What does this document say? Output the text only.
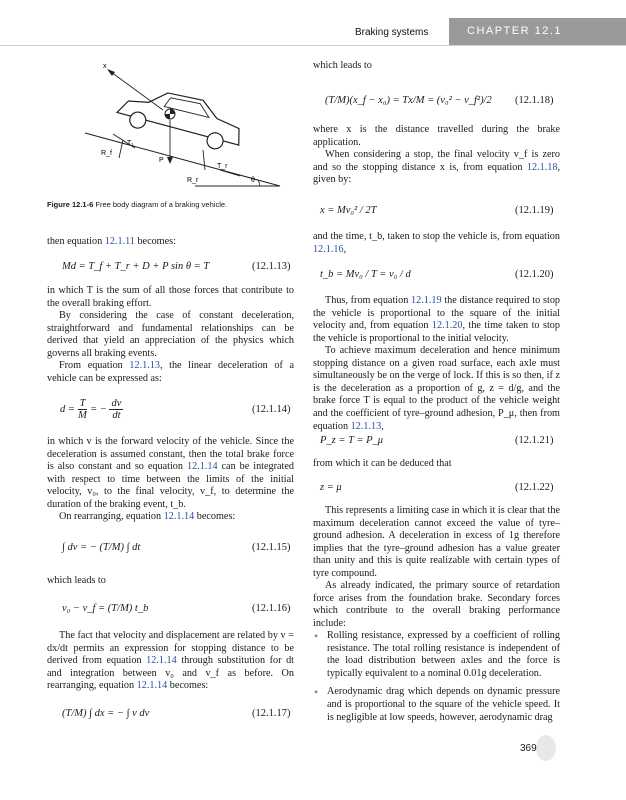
Braking systems	CHAPTER 12.1
x
T₁
R_f
P
R_r
T_r
θ
Figure 12.1-6 Free body diagram of a braking vehicle.
then equation 12.1.11 becomes:
Md = T_f + T_r + D + P sin θ = T	(12.1.13)
in which T is the sum of all those forces that contribute to the overall braking effort.
By considering the case of constant deceleration, straightforward and fundamental relationships can be derived that yield an appreciation of the physics which governs all braking events.
From equation 12.1.13, the linear deceleration of a vehicle can be expressed as:
$d = \frac{T}{M}$ = − $\frac{dv}{dt}$	(12.1.14)
in which v is the forward velocity of the vehicle. Since the deceleration is assumed constant, then the total brake force is also constant and so equation 12.1.14 can be integrated with respect to time between the limits of the initial velocity, v₀, to the final velocity, v_f, to determine the duration of the braking event, t_b.
On rearranging, equation 12.1.14 becomes:
∫ dv = − (T/M) ∫ dt	(12.1.15)
which leads to
v₀ − v_f = (T/M) t_b	(12.1.16)
The fact that velocity and displacement are related by v = dx/dt permits an expression for stopping distance to be derived from equation 12.1.14 through substitution for dt and integration between v₀ and v_f as before. On rearranging, equation 12.1.14 becomes:
(T/M) ∫ dx = − ∫ v dv	(12.1.17)
which leads to
(T/M)(x_f − x₀) = Tx/M = (v₀² − v_f²)/2 (12.1.18)
where x is the distance travelled during the brake application.
When considering a stop, the final velocity v_f is zero and so the stopping distance x is, from equation 12.1.18, given by:
x = Mv₀² / 2T	(12.1.19)
and the time, t_b, taken to stop the vehicle is, from equation 12.1.16,
t_b = Mv₀ / T = v₀ / d	(12.1.20)
Thus, from equation 12.1.19 the distance required to stop the vehicle is proportional to the square of the initial velocity and, from equation 12.1.20, the time taken to stop the vehicle is proportional to the initial velocity.
To achieve maximum deceleration and hence minimum stopping distance on a given road surface, each axle must simultaneously be on the verge of lock. If this is so then, if z is the deceleration as a proportion of g, z = d/g, and the brake force T is equal to the product of the vehicle weight and the coefficient of tyre–ground adhesion, P_μ, then from equation 12.1.13,
P_z = T = P_μ	(12.1.21)
from which it can be deduced that
z = μ	(12.1.22)
This represents a limiting case in which it is clear that the maximum deceleration cannot exceed the value of tyre–ground adhesion. A deceleration in excess of 1g therefore implies that the tyre–ground adhesion has a value greater than unity and this is quite realizable with certain types of tyre compound.
As already indicated, the primary source of retardation force arises from the foundation brake. Secondary forces which contribute to the overall braking performance include:
• Rolling resistance, expressed by a coefficient of rolling resistance. The total rolling resistance is independent of the load distribution between axles and the force is typically equivalent to a nominal 0.01g deceleration.
• Aerodynamic drag which depends on dynamic pressure and is proportional to the square of the vehicle speed. It is negligible at low speeds, however, aerodynamic drag
369
